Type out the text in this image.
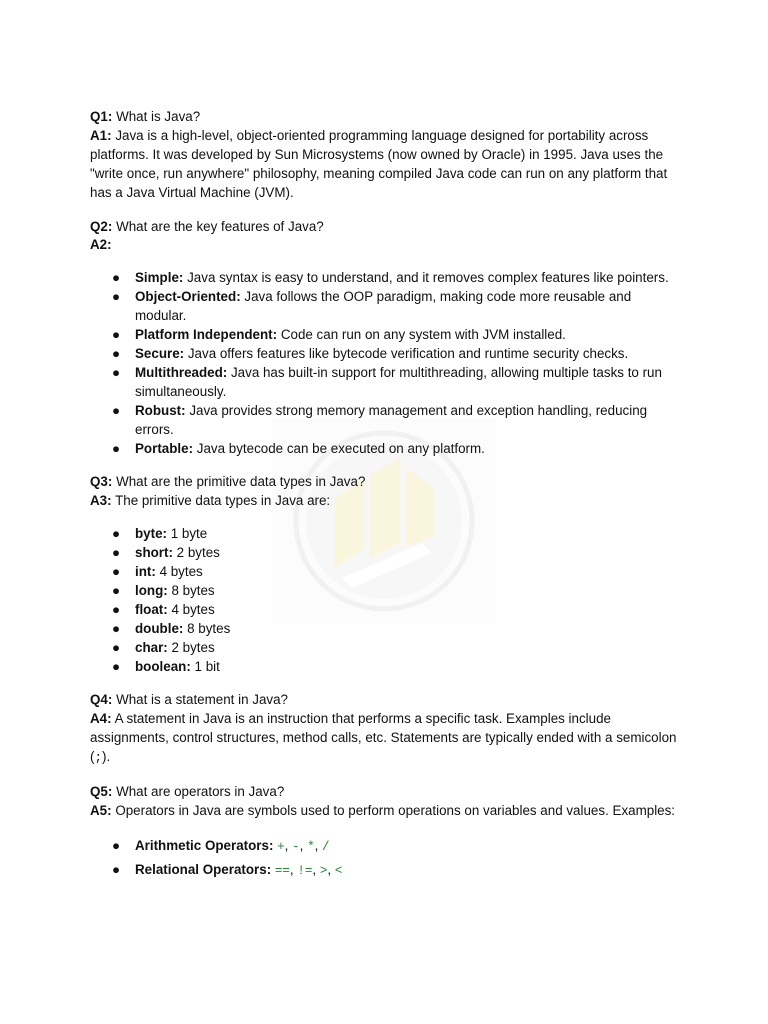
Q1: What is Java?

A1: Java is a high-level, object-oriented programming language designed for portability across platforms. It was developed by Sun Microsystems (now owned by Oracle) in 1995. Java uses the "write once, run anywhere" philosophy, meaning compiled Java code can run on any platform that has a Java Virtual Machine (JVM).

Q2: What are the key features of Java?

A2:

● Simple: Java syntax is easy to understand, and it removes complex features like pointers.
● Object-Oriented: Java follows the OOP paradigm, making code more reusable and modular.
● Platform Independent: Code can run on any system with JVM installed.
● Secure: Java offers features like bytecode verification and runtime security checks.
● Multithreaded: Java has built-in support for multithreading, allowing multiple tasks to run simultaneously.
● Robust: Java provides strong memory management and exception handling, reducing errors.
● Portable: Java bytecode can be executed on any platform.

Q3: What are the primitive data types in Java?

A3: The primitive data types in Java are:

● byte: 1 byte
● short: 2 bytes
● int: 4 bytes
● long: 8 bytes
● float: 4 bytes
● double: 8 bytes
● char: 2 bytes
● boolean: 1 bit

Q4: What is a statement in Java?

A4: A statement in Java is an instruction that performs a specific task. Examples include assignments, control structures, method calls, etc. Statements are typically ended with a semicolon (;).

Q5: What are operators in Java?

A5: Operators in Java are symbols used to perform operations on variables and values. Examples:

● Arithmetic Operators: +, -, *, /
● Relational Operators: ==, !=, >, <
